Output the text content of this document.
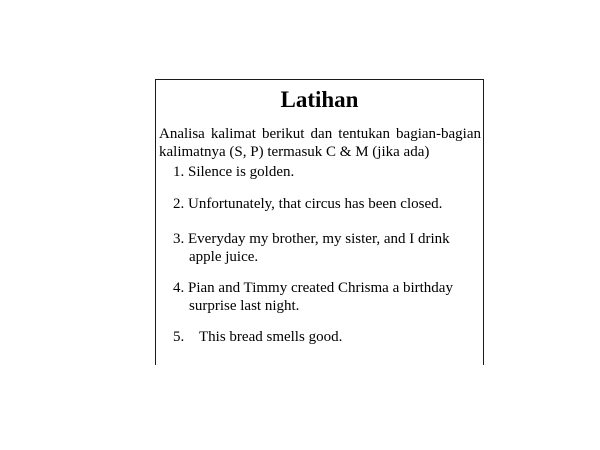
Latihan
Analisa kalimat berikut dan tentukan bagian-bagian
kalimatnya (S, P) termasuk C & M (jika ada)
1. Silence is golden.
2. Unfortunately, that circus has been closed.
3. Everyday my brother, my sister, and I drink
apple juice.
4. Pian and Timmy created Chrisma a birthday
surprise last night.
5. This bread smells good.
